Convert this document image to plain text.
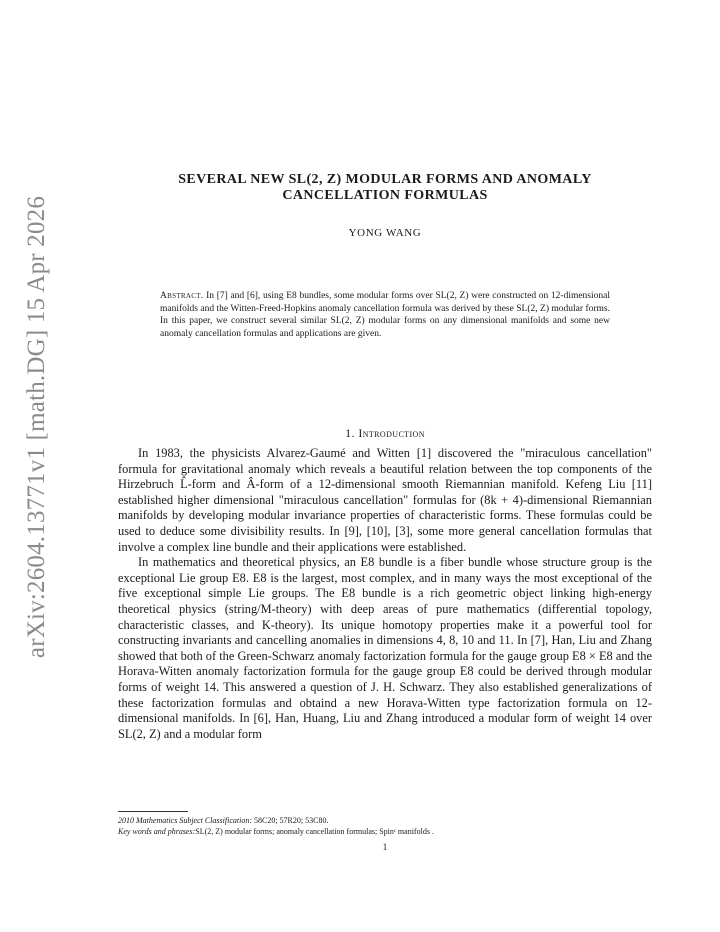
arXiv:2604.13771v1 [math.DG] 15 Apr 2026
SEVERAL NEW SL(2, Z) MODULAR FORMS AND ANOMALY
CANCELLATION FORMULAS
YONG WANG
Abstract. In [7] and [6], using E8 bundles, some modular forms over SL(2, Z) were constructed on 12-dimensional manifolds and the Witten-Freed-Hopkins anomaly cancellation formula was derived by these SL(2, Z) modular forms. In this paper, we construct several similar SL(2, Z) modular forms on any dimensional manifolds and some new anomaly cancellation formulas and applications are given.
1. Introduction

In 1983, the physicists Alvarez-Gaumé and Witten [1] discovered the "miraculous cancellation" formula for gravitational anomaly which reveals a beautiful relation between the top components of the Hirzebruch L̂-form and Â-form of a 12-dimensional smooth Riemannian manifold. Kefeng Liu [11] established higher dimensional "miraculous cancellation" formulas for (8k + 4)-dimensional Riemannian manifolds by developing modular invariance properties of characteristic forms. These formulas could be used to deduce some divisibility results. In [9], [10], [3], some more general cancellation formulas that involve a complex line bundle and their applications were established.

In mathematics and theoretical physics, an E8 bundle is a fiber bundle whose structure group is the exceptional Lie group E8. E8 is the largest, most complex, and in many ways the most exceptional of the five exceptional simple Lie groups. The E8 bundle is a rich geometric object linking high-energy theoretical physics (string/M-theory) with deep areas of pure mathematics (differential topology, characteristic classes, and K-theory). Its unique homotopy properties make it a powerful tool for constructing invariants and cancelling anomalies in dimensions 4, 8, 10 and 11. In [7], Han, Liu and Zhang showed that both of the Green-Schwarz anomaly factorization formula for the gauge group E8 × E8 and the Horava-Witten anomaly factorization formula for the gauge group E8 could be derived through modular forms of weight 14. This answered a question of J. H. Schwarz. They also established generalizations of these factorization formulas and obtaind a new Horava-Witten type factorization formula on 12-dimensional manifolds. In [6], Han, Huang, Liu and Zhang introduced a modular form of weight 14 over SL(2, Z) and a modular form

2010 Mathematics Subject Classification: 58C20; 57R20; 53C80.
Key words and phrases:SL(2, Z) modular forms; anomaly cancellation formulas; Spinᶜ manifolds .
1
